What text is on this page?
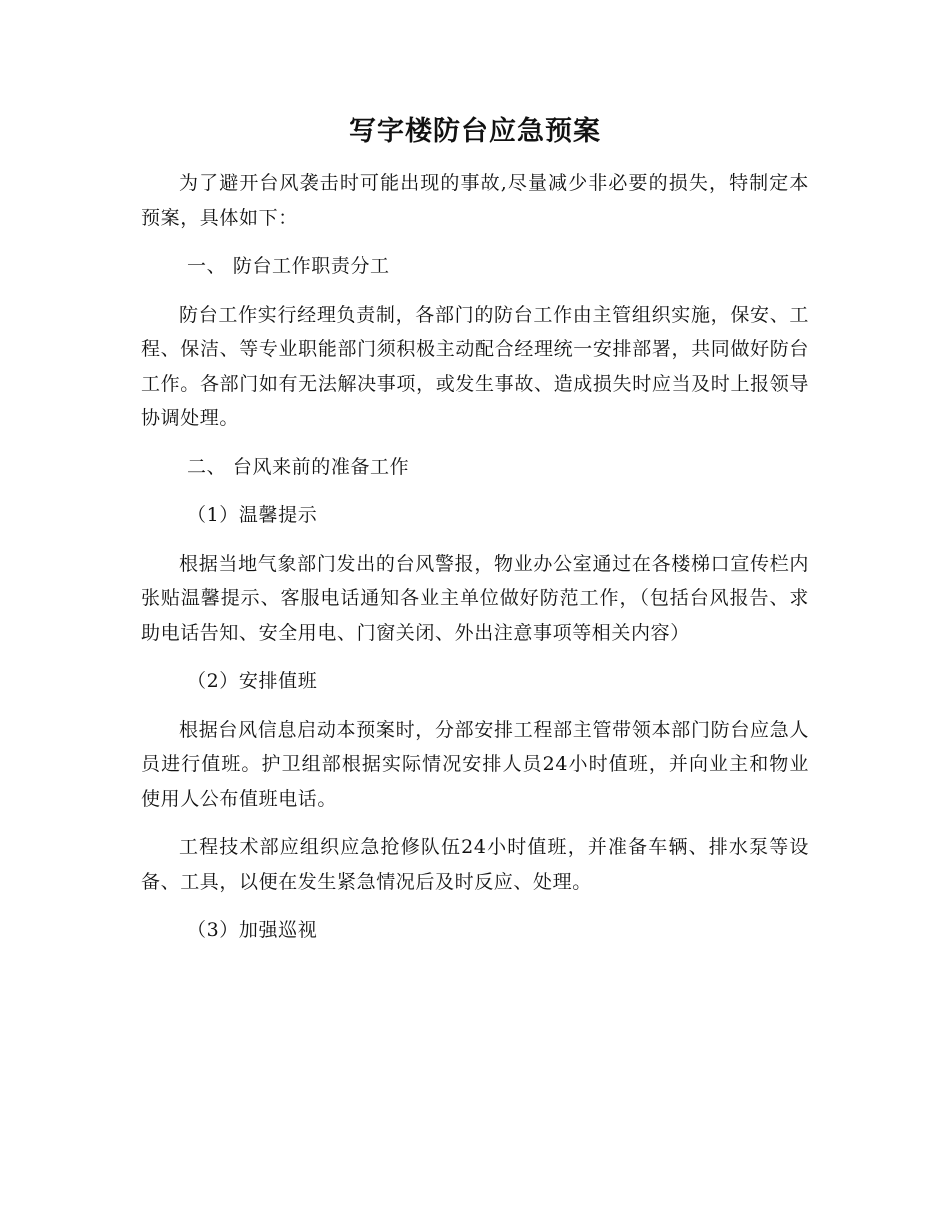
写字楼防台应急预案

为了避开台风袭击时可能出现的事故,尽量减少非必要的损失，特制定本预案，具体如下：

一、 防台工作职责分工

防台工作实行经理负责制，各部门的防台工作由主管组织实施，保安、工程、保洁、等专业职能部门须积极主动配合经理统一安排部署，共同做好防台工作。各部门如有无法解决事项，或发生事故、造成损失时应当及时上报领导协调处理。

二、 台风来前的准备工作

（1）温馨提示

根据当地气象部门发出的台风警报，物业办公室通过在各楼梯口宣传栏内张贴温馨提示、客服电话通知各业主单位做好防范工作，（包括台风报告、求助电话告知、安全用电、门窗关闭、外出注意事项等相关内容）

（2）安排值班

根据台风信息启动本预案时，分部安排工程部主管带领本部门防台应急人员进行值班。护卫组部根据实际情况安排人员24小时值班，并向业主和物业使用人公布值班电话。

工程技术部应组织应急抢修队伍24小时值班，并准备车辆、排水泵等设备、工具，以便在发生紧急情况后及时反应、处理。

（3）加强巡视
